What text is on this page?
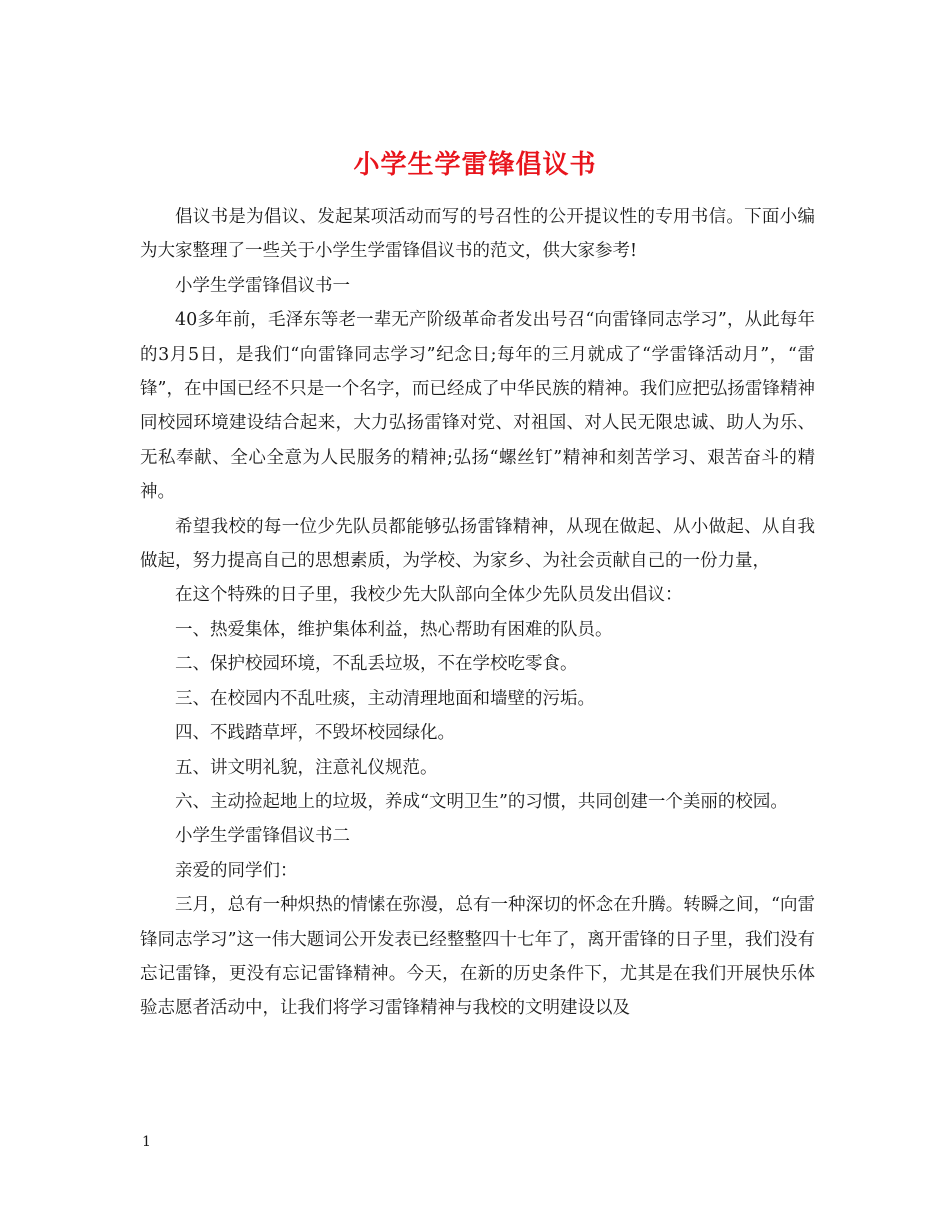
小学生学雷锋倡议书

倡议书是为倡议、发起某项活动而写的号召性的公开提议性的专用书信。下面小编为大家整理了一些关于小学生学雷锋倡议书的范文，供大家参考!

小学生学雷锋倡议书一

40多年前，毛泽东等老一辈无产阶级革命者发出号召“向雷锋同志学习”，从此每年的3月5日，是我们“向雷锋同志学习”纪念日;每年的三月就成了“学雷锋活动月”，“雷锋”，在中国已经不只是一个名字，而已经成了中华民族的精神。我们应把弘扬雷锋精神同校园环境建设结合起来，大力弘扬雷锋对党、对祖国、对人民无限忠诚、助人为乐、无私奉献、全心全意为人民服务的精神;弘扬“螺丝钉”精神和刻苦学习、艰苦奋斗的精神。

希望我校的每一位少先队员都能够弘扬雷锋精神，从现在做起、从小做起、从自我做起，努力提高自己的思想素质，为学校、为家乡、为社会贡献自己的一份力量，

在这个特殊的日子里，我校少先大队部向全体少先队员发出倡议：

一、热爱集体，维护集体利益，热心帮助有困难的队员。

二、保护校园环境，不乱丢垃圾，不在学校吃零食。

三、在校园内不乱吐痰，主动清理地面和墙壁的污垢。

四、不践踏草坪，不毁坏校园绿化。

五、讲文明礼貌，注意礼仪规范。

六、主动捡起地上的垃圾，养成“文明卫生”的习惯，共同创建一个美丽的校园。

小学生学雷锋倡议书二

亲爱的同学们：

三月，总有一种炽热的情愫在弥漫，总有一种深切的怀念在升腾。转瞬之间，“向雷锋同志学习”这一伟大题词公开发表已经整整四十七年了，离开雷锋的日子里，我们没有忘记雷锋，更没有忘记雷锋精神。今天，在新的历史条件下，尤其是在我们开展快乐体验志愿者活动中，让我们将学习雷锋精神与我校的文明建设以及

1
